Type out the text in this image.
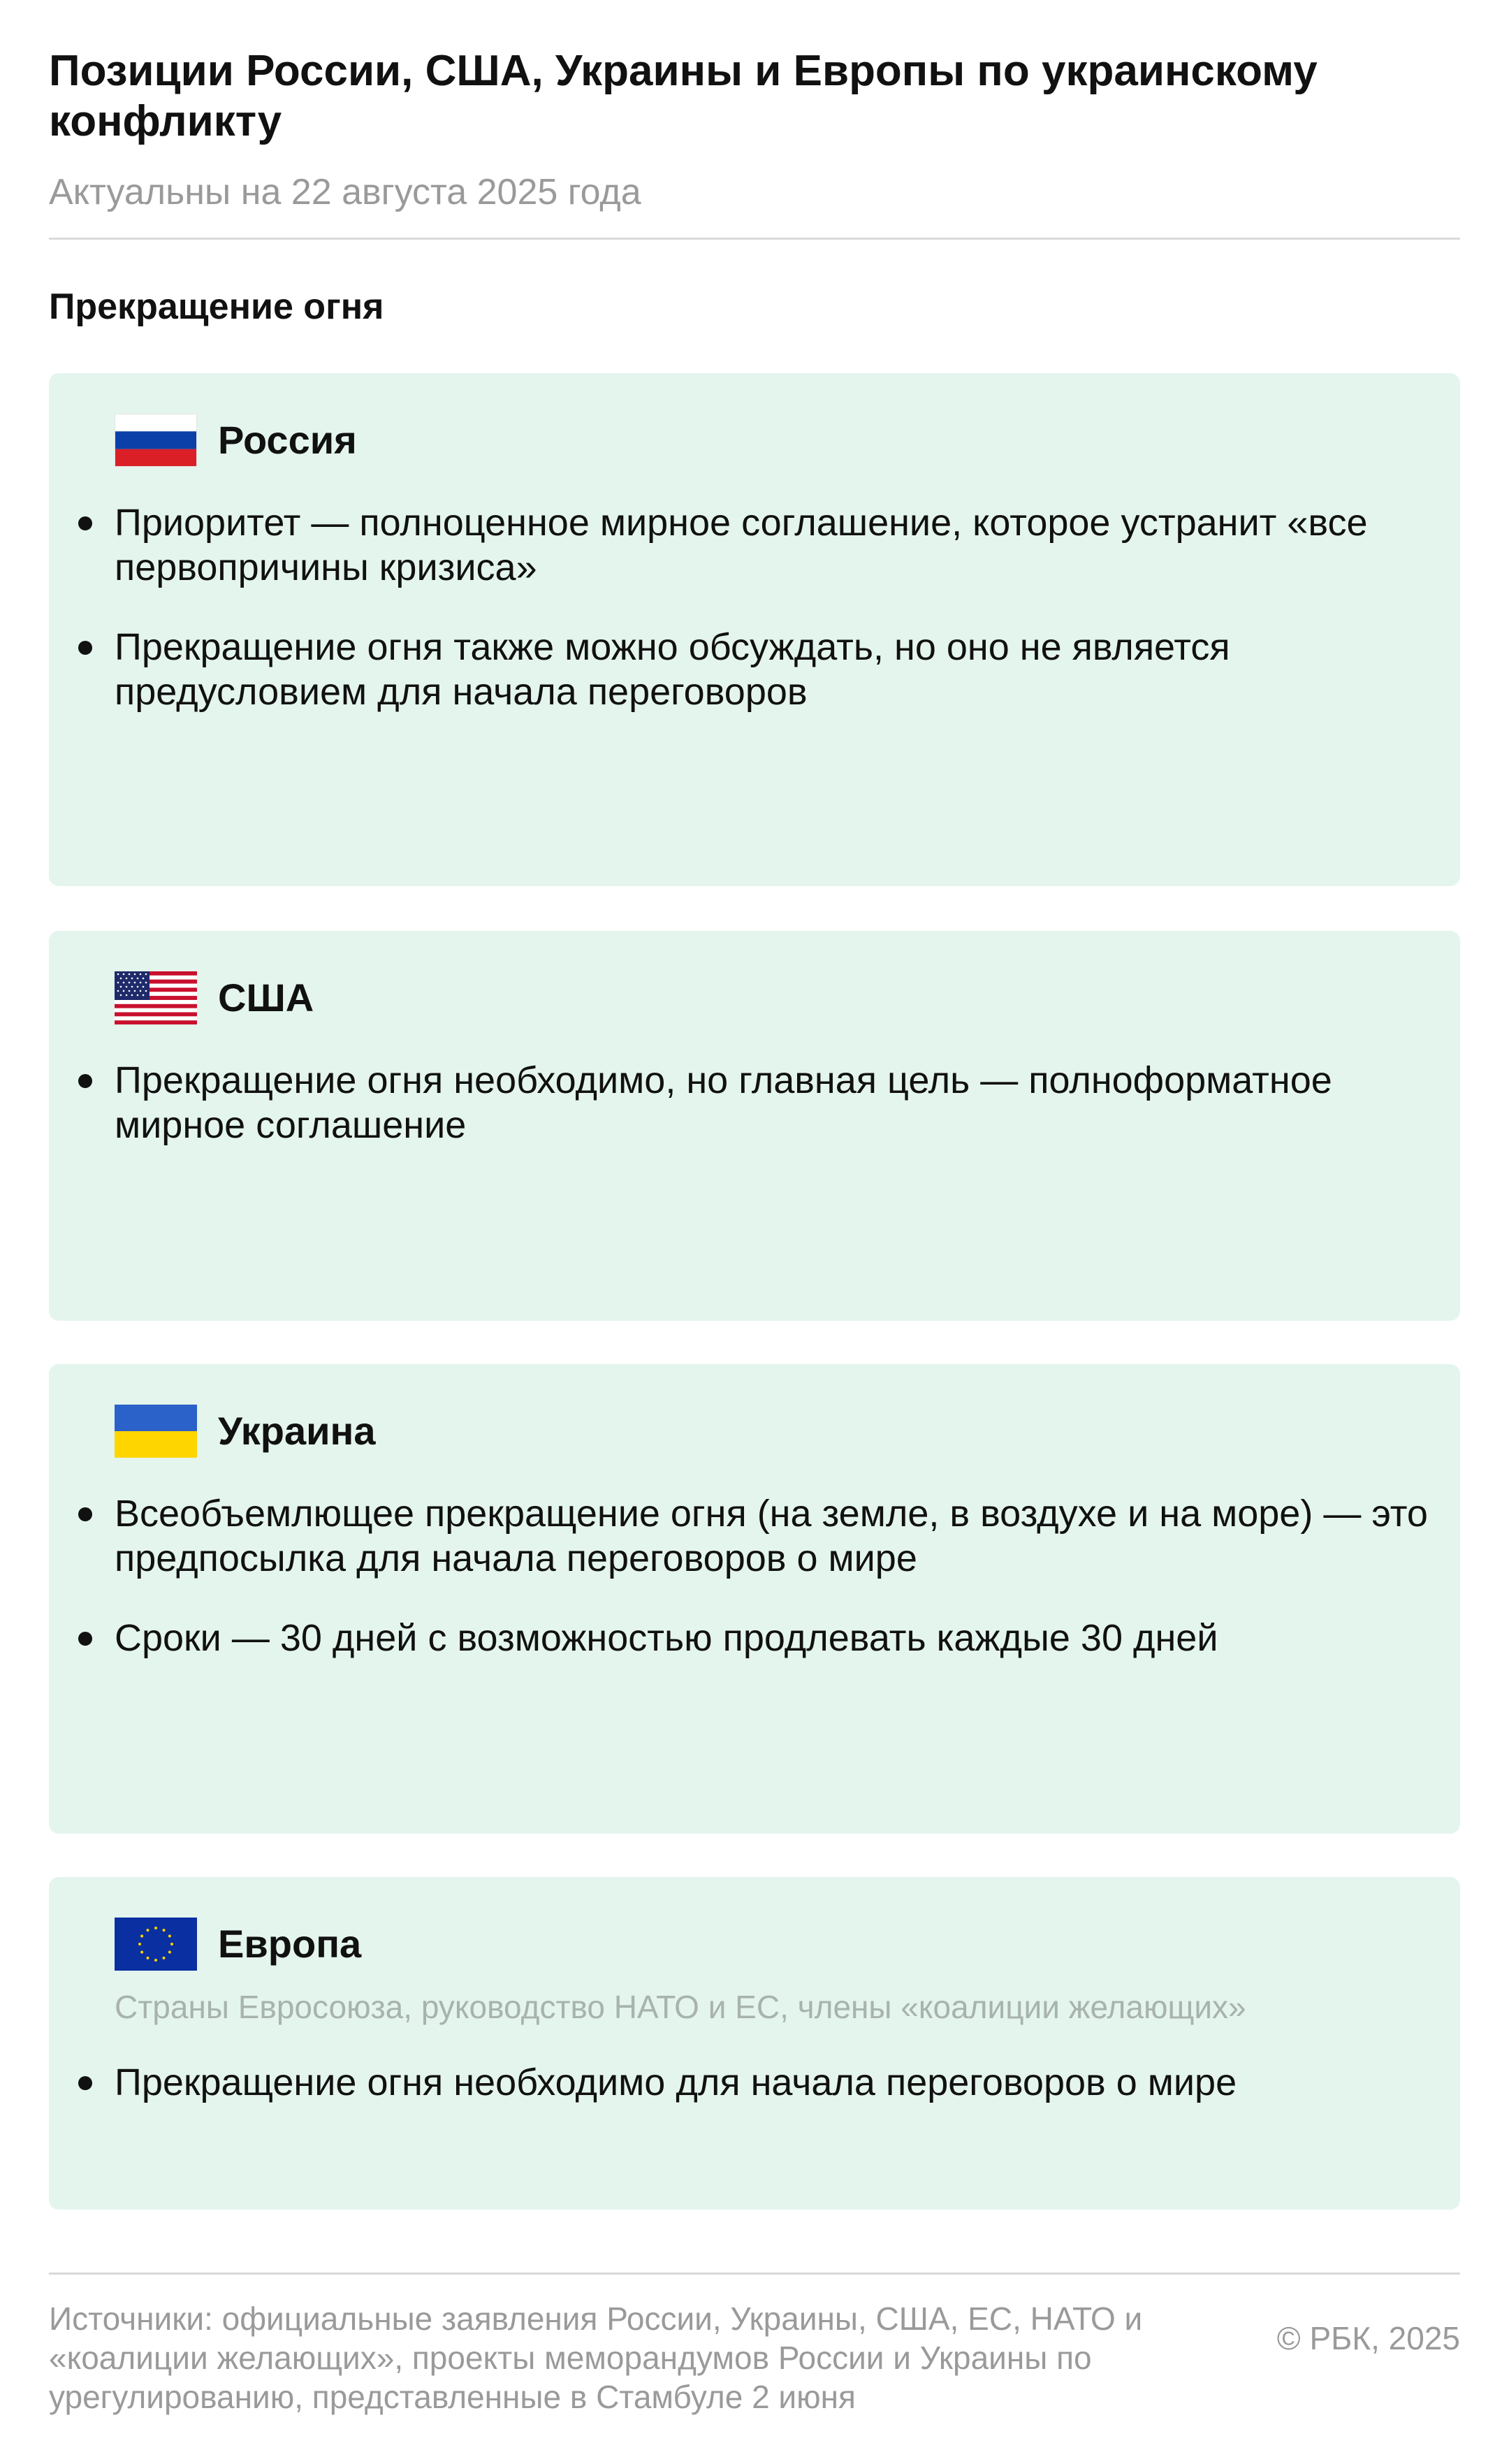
Позиции России, США, Украины и Европы по украинскому конфликту
Актуальны на 22 августа 2025 года
Прекращение огня
Россия
Приоритет — полноценное мирное соглашение, которое устранит «все первопричины кризиса»
Прекращение огня также можно обсуждать, но оно не является предусловием для начала переговоров
США
Прекращение огня необходимо, но главная цель — полноформатное мирное соглашение
Украина
Всеобъемлющее прекращение огня (на земле, в воздухе и на море) — это предпосылка для начала переговоров о мире
Сроки — 30 дней с возможностью продлевать каждые 30 дней
Европа
Страны Евросоюза, руководство НАТО и ЕС, члены «коалиции желающих»
Прекращение огня необходимо для начала переговоров о мире
Источники: официальные заявления России, Украины, США, ЕС, НАТО и «коалиции желающих», проекты меморандумов России и Украины по урегулированию, представленные в Стамбуле 2 июня
© РБК, 2025
